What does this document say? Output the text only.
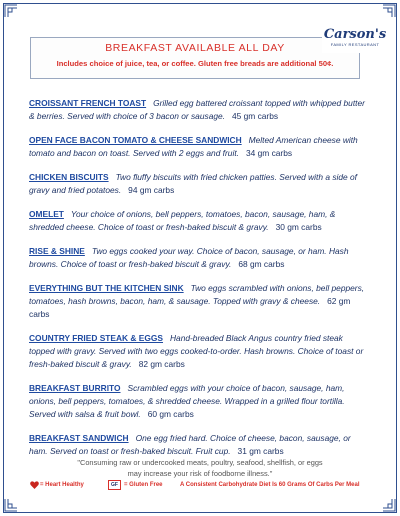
BREAKFAST AVAILABLE ALL DAY
Includes choice of juice, tea, or coffee. Gluten free breads are additional 50¢.
Carson's
FAMILY RESTAURANT

CROISSANT FRENCH TOAST Grilled egg battered croissant topped with whipped butter & berries. Served with choice of 3 bacon or sausage. 45 gm carbs

OPEN FACE BACON TOMATO & CHEESE SANDWICH Melted American cheese with tomato and bacon on toast. Served with 2 eggs and fruit. 34 gm carbs

CHICKEN BISCUITS Two fluffy biscuits with fried chicken patties. Served with a side of gravy and fried potatoes. 94 gm carbs

OMELET Your choice of onions, bell peppers, tomatoes, bacon, sausage, ham, & shredded cheese. Choice of toast or fresh-baked biscuit & gravy. 30 gm carbs

RISE & SHINE Two eggs cooked your way. Choice of bacon, sausage, or ham. Hash browns. Choice of toast or fresh-baked biscuit & gravy. 68 gm carbs

EVERYTHING BUT THE KITCHEN SINK Two eggs scrambled with onions, bell peppers, tomatoes, hash browns, bacon, ham, & sausage. Topped with gravy & cheese. 62 gm carbs

COUNTRY FRIED STEAK & EGGS Hand-breaded Black Angus country fried steak topped with gravy. Served with two eggs cooked-to-order. Hash browns. Choice of toast or fresh-baked biscuit & gravy. 82 gm carbs

BREAKFAST BURRITO Scrambled eggs with your choice of bacon, sausage, ham, onions, bell peppers, tomatoes, & shredded cheese. Wrapped in a grilled flour tortilla. Served with salsa & fruit bowl. 60 gm carbs

BREAKFAST SANDWICH One egg fried hard. Choice of cheese, bacon, sausage, or ham. Served on toast or fresh-baked biscuit. Fruit cup. 31 gm carbs

"Consuming raw or undercooked meats, poultry, seafood, shellfish, or eggs
may increase your risk of foodborne illness."
= Heart Healthy	GF	= Gluten Free	A Consistent Carbohydrate Diet Is 60 Grams Of Carbs Per Meal
